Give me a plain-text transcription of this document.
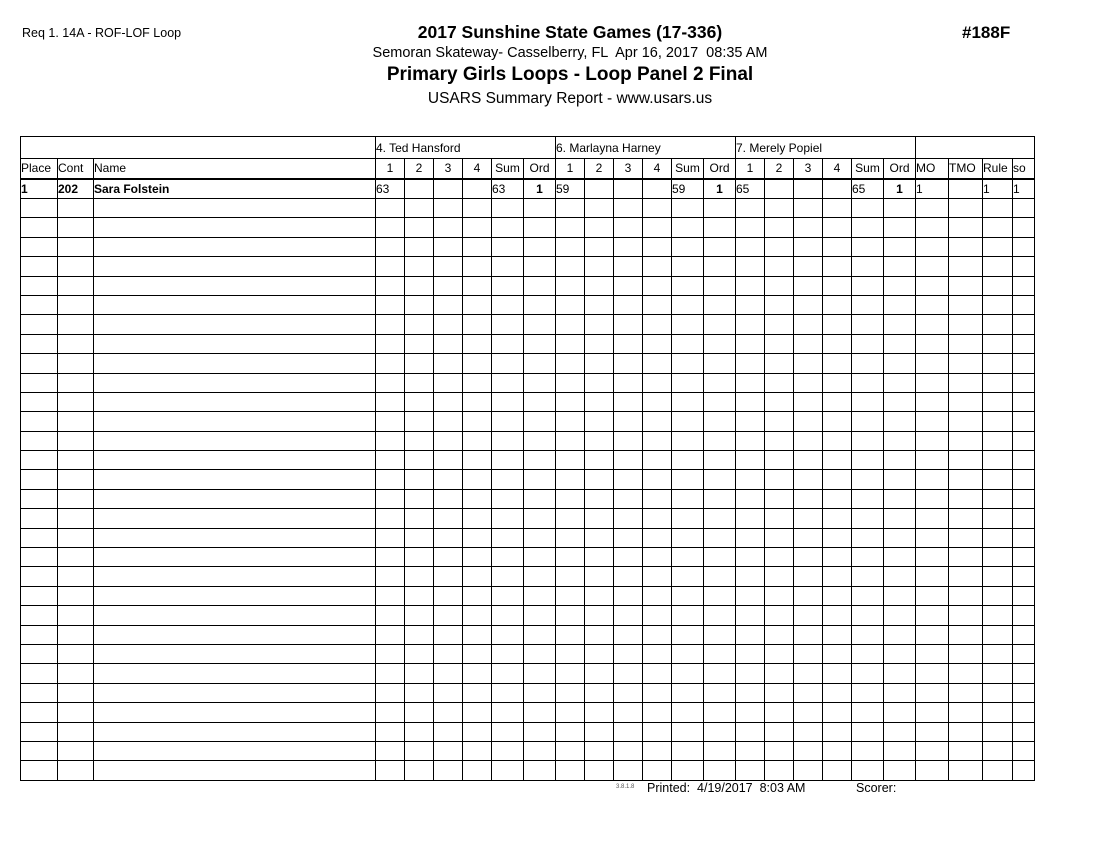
Req 1. 14A - ROF-LOF Loop	#188F
2017 Sunshine State Games (17-336)
Semoran Skateway- Casselberry, FL  Apr 16, 2017  08:35 AM
Primary Girls Loops - Loop Panel 2 Final
USARS Summary Report - www.usars.us
			4. Ted Hansford						6. Marlayna Harney						7. Merely Popiel									
Place	Cont	Name	1	2	3	4	Sum	Ord	1	2	3	4	Sum	Ord	1	2	3	4	Sum	Ord	MO	TMO	Rule	so
1	202	Sara Folstein	63				63	1	59				59	1	65				65	1	1		1	1

3.8.1.8 Printed:  4/19/2017  8:03 AM	Scorer:
